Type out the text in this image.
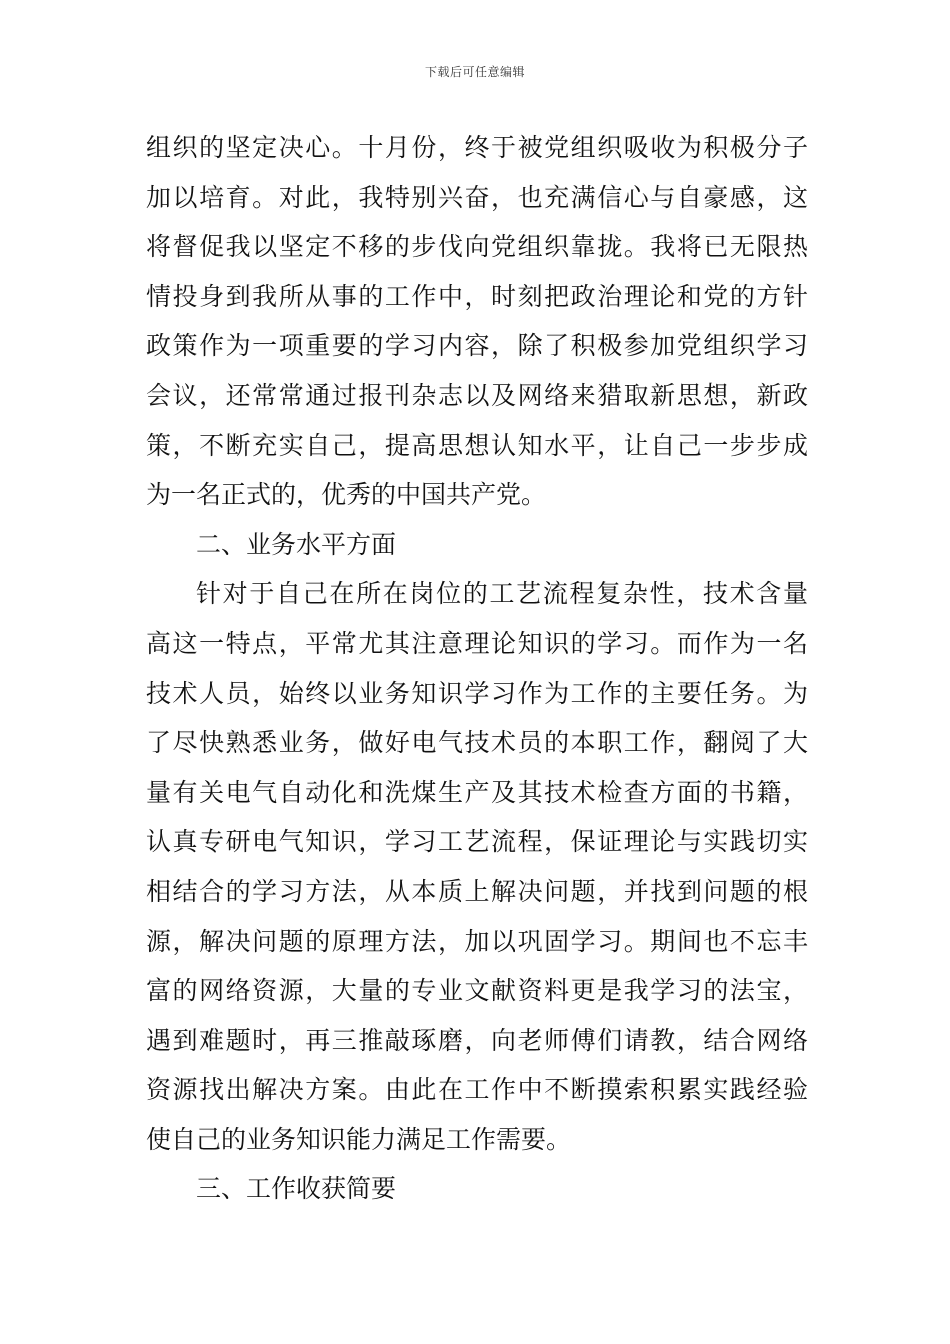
下载后可任意编辑
组织的坚定决心。十月份，终于被党组织吸收为积极分子
加以培育。对此，我特别兴奋，也充满信心与自豪感，这
将督促我以坚定不移的步伐向党组织靠拢。我将已无限热
情投身到我所从事的工作中，时刻把政治理论和党的方针
政策作为一项重要的学习内容，除了积极参加党组织学习
会议，还常常通过报刊杂志以及网络来猎取新思想，新政
策，不断充实自己，提高思想认知水平，让自己一步步成
为一名正式的，优秀的中国共产党。
二、业务水平方面
针对于自己在所在岗位的工艺流程复杂性，技术含量
高这一特点，平常尤其注意理论知识的学习。而作为一名
技术人员，始终以业务知识学习作为工作的主要任务。为
了尽快熟悉业务，做好电气技术员的本职工作，翻阅了大
量有关电气自动化和洗煤生产及其技术检查方面的书籍，
认真专研电气知识，学习工艺流程，保证理论与实践切实
相结合的学习方法，从本质上解决问题，并找到问题的根
源，解决问题的原理方法，加以巩固学习。期间也不忘丰
富的网络资源，大量的专业文献资料更是我学习的法宝，
遇到难题时，再三推敲琢磨，向老师傅们请教，结合网络
资源找出解决方案。由此在工作中不断摸索积累实践经验
使自己的业务知识能力满足工作需要。
三、工作收获简要
